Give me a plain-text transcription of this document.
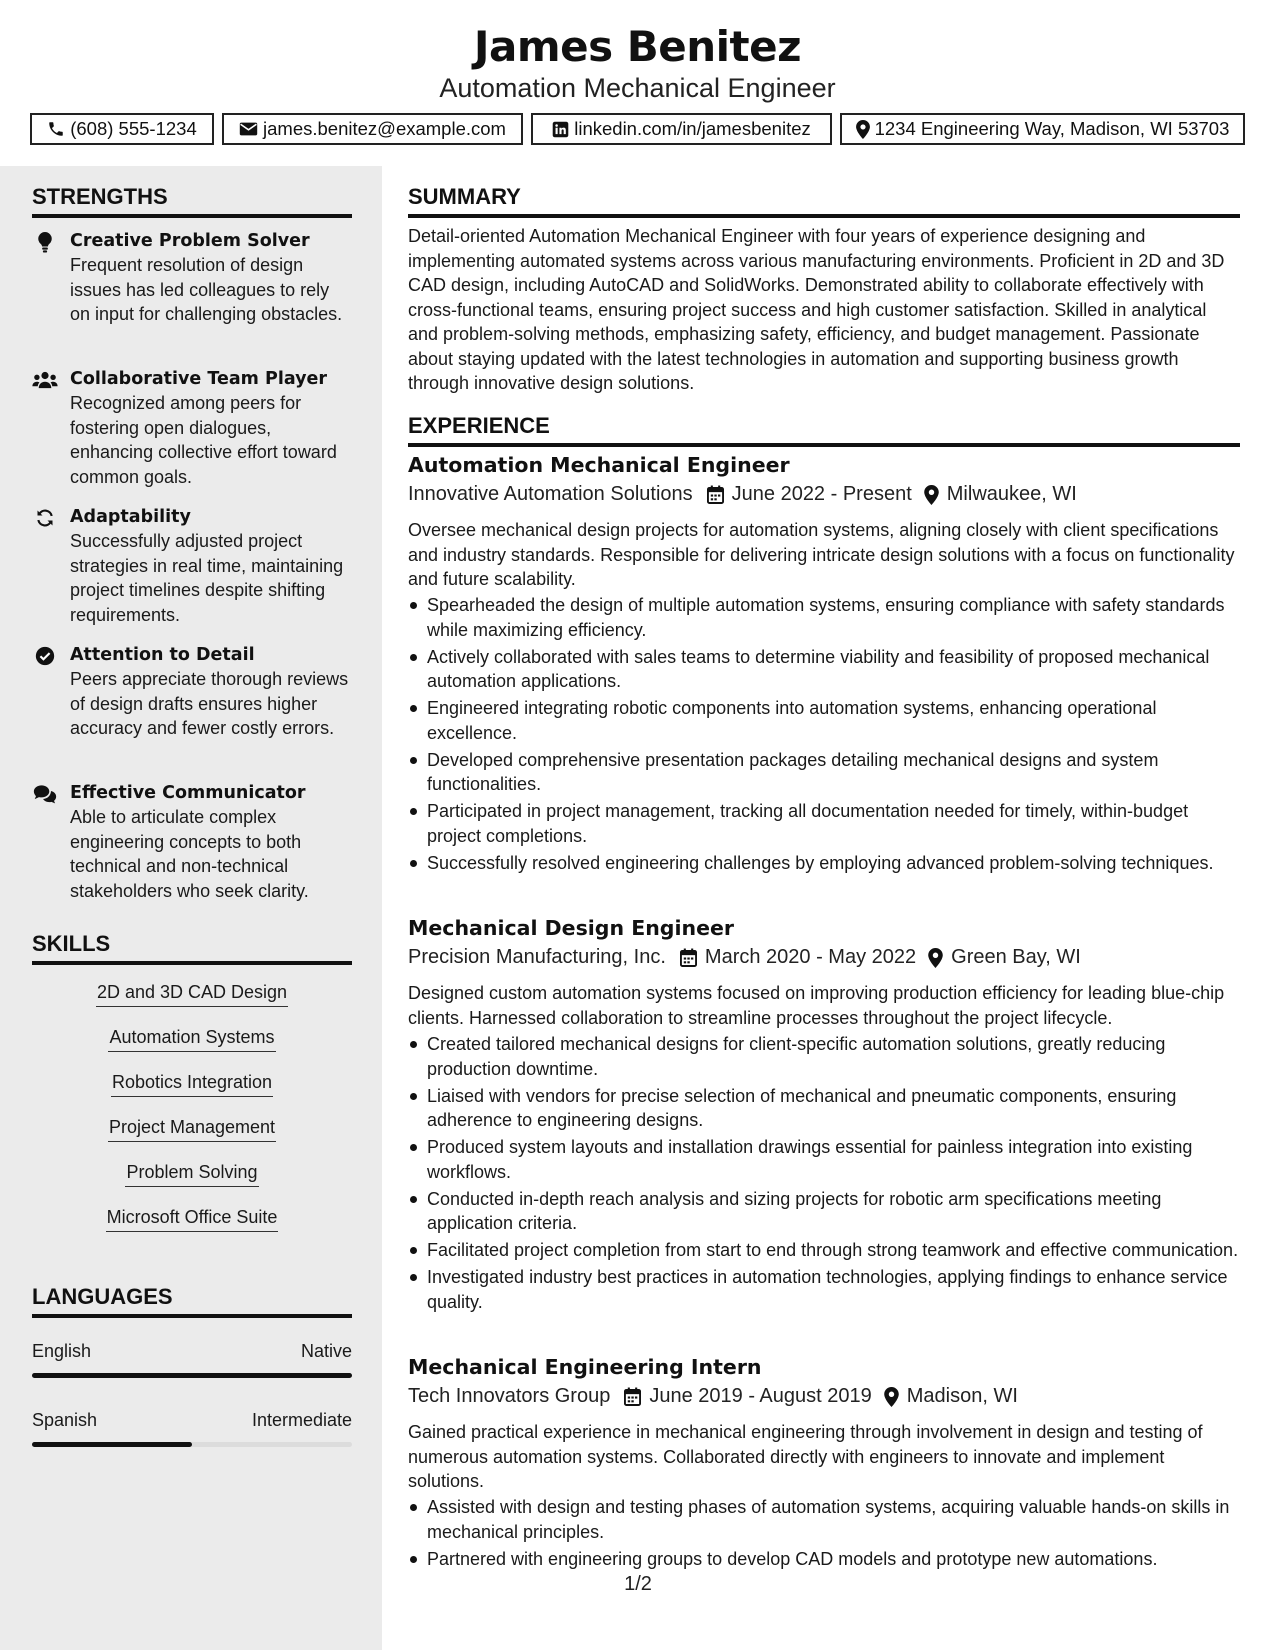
James Benitez
Automation Mechanical Engineer
(608) 555-1234	james.benitez@example.com	linkedin.com/in/jamesbenitez	1234 Engineering Way, Madison, WI 53703
STRENGTHS
Creative Problem Solver
Frequent resolution of design issues has led colleagues to rely on input for challenging obstacles.
Collaborative Team Player
Recognized among peers for fostering open dialogues, enhancing collective effort toward common goals.
Adaptability
Successfully adjusted project strategies in real time, maintaining project timelines despite shifting requirements.
Attention to Detail
Peers appreciate thorough reviews of design drafts ensures higher accuracy and fewer costly errors.
Effective Communicator
Able to articulate complex engineering concepts to both technical and non-technical stakeholders who seek clarity.
SKILLS
2D and 3D CAD Design
Automation Systems
Robotics Integration
Project Management
Problem Solving
Microsoft Office Suite
LANGUAGES
English	Native
Spanish	Intermediate
SUMMARY
Detail-oriented Automation Mechanical Engineer with four years of experience designing and implementing automated systems across various manufacturing environments. Proficient in 2D and 3D CAD design, including AutoCAD and SolidWorks. Demonstrated ability to collaborate effectively with cross-functional teams, ensuring project success and high customer satisfaction. Skilled in analytical and problem-solving methods, emphasizing safety, efficiency, and budget management. Passionate about staying updated with the latest technologies in automation and supporting business growth through innovative design solutions.
EXPERIENCE
Automation Mechanical Engineer
Innovative Automation Solutions June 2022 - Present Milwaukee, WI
Oversee mechanical design projects for automation systems, aligning closely with client specifications and industry standards. Responsible for delivering intricate design solutions with a focus on functionality and future scalability.
Spearheaded the design of multiple automation systems, ensuring compliance with safety standards while maximizing efficiency.
Actively collaborated with sales teams to determine viability and feasibility of proposed mechanical automation applications.
Engineered integrating robotic components into automation systems, enhancing operational excellence.
Developed comprehensive presentation packages detailing mechanical designs and system functionalities.
Participated in project management, tracking all documentation needed for timely, within-budget project completions.
Successfully resolved engineering challenges by employing advanced problem-solving techniques.
Mechanical Design Engineer
Precision Manufacturing, Inc. March 2020 - May 2022 Green Bay, WI
Designed custom automation systems focused on improving production efficiency for leading blue-chip clients. Harnessed collaboration to streamline processes throughout the project lifecycle.
Created tailored mechanical designs for client-specific automation solutions, greatly reducing production downtime.
Liaised with vendors for precise selection of mechanical and pneumatic components, ensuring adherence to engineering designs.
Produced system layouts and installation drawings essential for painless integration into existing workflows.
Conducted in-depth reach analysis and sizing projects for robotic arm specifications meeting application criteria.
Facilitated project completion from start to end through strong teamwork and effective communication.
Investigated industry best practices in automation technologies, applying findings to enhance service quality.
Mechanical Engineering Intern
Tech Innovators Group June 2019 - August 2019 Madison, WI
Gained practical experience in mechanical engineering through involvement in design and testing of numerous automation systems. Collaborated directly with engineers to innovate and implement solutions.
Assisted with design and testing phases of automation systems, acquiring valuable hands-on skills in mechanical principles.
Partnered with engineering groups to develop CAD models and prototype new automations.
1/2
